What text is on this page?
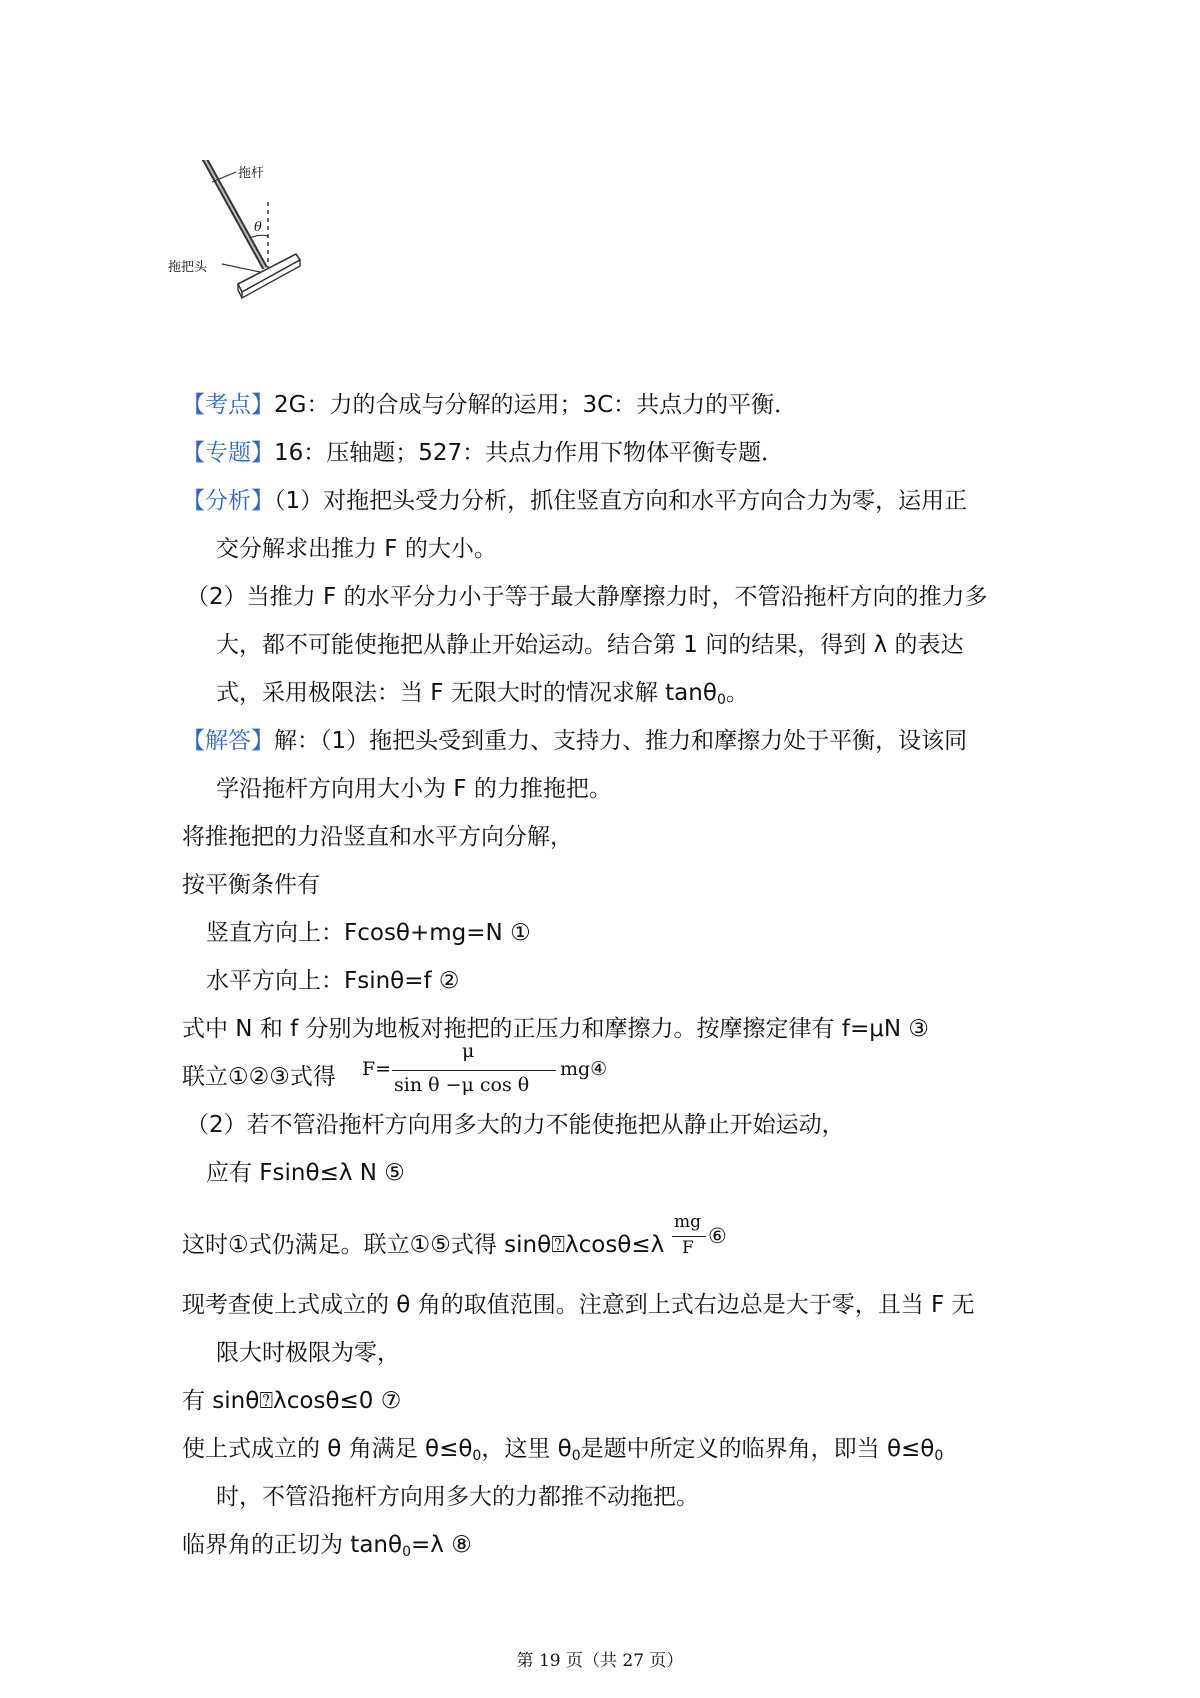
拖杆
θ
拖把头
【考点】2G：力的合成与分解的运用；3C：共点力的平衡．
【专题】16：压轴题；527：共点力作用下物体平衡专题．
【分析】（1）对拖把头受力分析，抓住竖直方向和水平方向合力为零，运用正
交分解求出推力 F 的大小。
（2）当推力 F 的水平分力小于等于最大静摩擦力时，不管沿拖杆方向的推力多
大，都不可能使拖把从静止开始运动。结合第 1 问的结果，得到 λ 的表达
式，采用极限法：当 F 无限大时的情况求解 tanθ$_0$。
【解答】解：（1）拖把头受到重力、支持力、推力和摩擦力处于平衡，设该同
学沿拖杆方向用大小为 F 的力推拖把。
将推拖把的力沿竖直和水平方向分解，
按平衡条件有
竖直方向上：Fcosθ+mg=N ①
水平方向上：Fsinθ=f ②
式中 N 和 f 分别为地板对拖把的正压力和摩擦力。按摩擦定律有 f=μN ③
联立①②③式得 F=
μ
sin θ −μ cos θ
mg④
（2）若不管沿拖杆方向用多大的力不能使拖把从静止开始运动，
应有 Fsinθ≤λ N ⑤
这时①式仍满足。联立①⑤式得 sinθ⍰λcosθ≤λ
mg
F ⑥
现考查使上式成立的 θ 角的取值范围。注意到上式右边总是大于零，且当 F 无
限大时极限为零，
有 sinθ⍰λcosθ≤0 ⑦
使上式成立的 θ 角满足 $\theta\le\theta_0$，这里 $\theta_0$是题中所定义的临界角，即当 $\theta\le\theta_0$
时，不管沿拖杆方向用多大的力都推不动拖把。
临界角的正切为 tanθ$_0$=λ ⑧
第 19 页（共 27 页）
